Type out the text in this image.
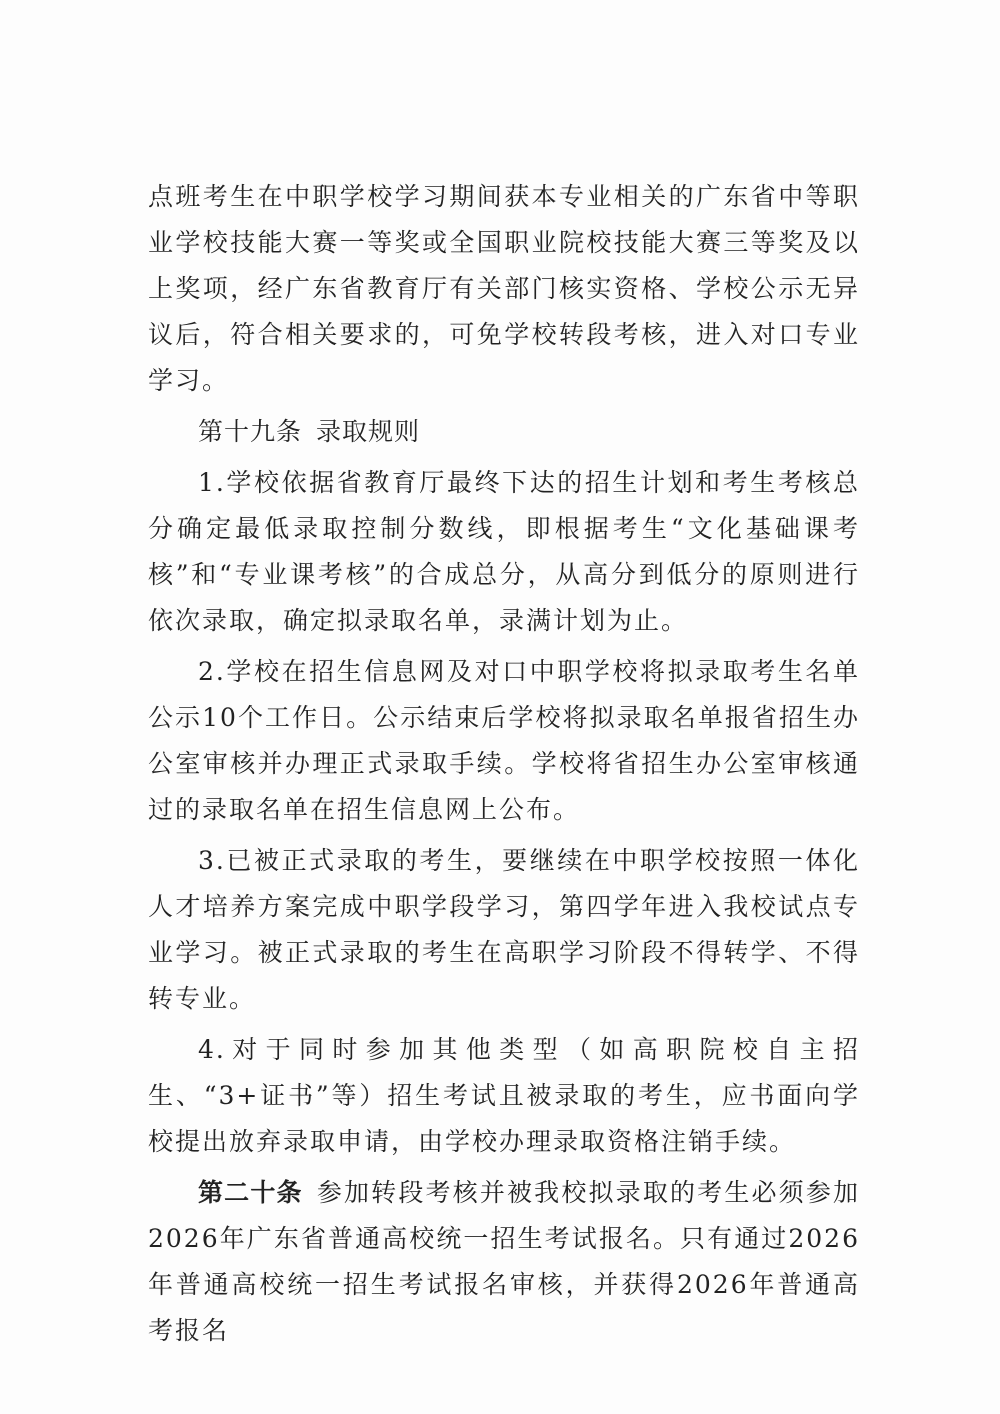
点班考生在中职学校学习期间获本专业相关的广东省中等职业学校技能大赛一等奖或全国职业院校技能大赛三等奖及以上奖项，经广东省教育厅有关部门核实资格、学校公示无异议后，符合相关要求的，可免学校转段考核，进入对口专业学习。

第十九条 录取规则

1.学校依据省教育厅最终下达的招生计划和考生考核总分确定最低录取控制分数线，即根据考生“文化基础课考核”和“专业课考核”的合成总分，从高分到低分的原则进行依次录取，确定拟录取名单，录满计划为止。

2.学校在招生信息网及对口中职学校将拟录取考生名单公示10个工作日。公示结束后学校将拟录取名单报省招生办公室审核并办理正式录取手续。学校将省招生办公室审核通过的录取名单在招生信息网上公布。

3.已被正式录取的考生，要继续在中职学校按照一体化人才培养方案完成中职学段学习，第四学年进入我校试点专业学习。被正式录取的考生在高职学习阶段不得转学、不得转专业。

4.对于同时参加其他类型（如高职院校自主招生、“3+证书”等）招生考试且被录取的考生，应书面向学校提出放弃录取申请，由学校办理录取资格注销手续。

第二十条 参加转段考核并被我校拟录取的考生必须参加2026年广东省普通高校统一招生考试报名。只有通过2026年普通高校统一招生考试报名审核，并获得2026年普通高考报名
